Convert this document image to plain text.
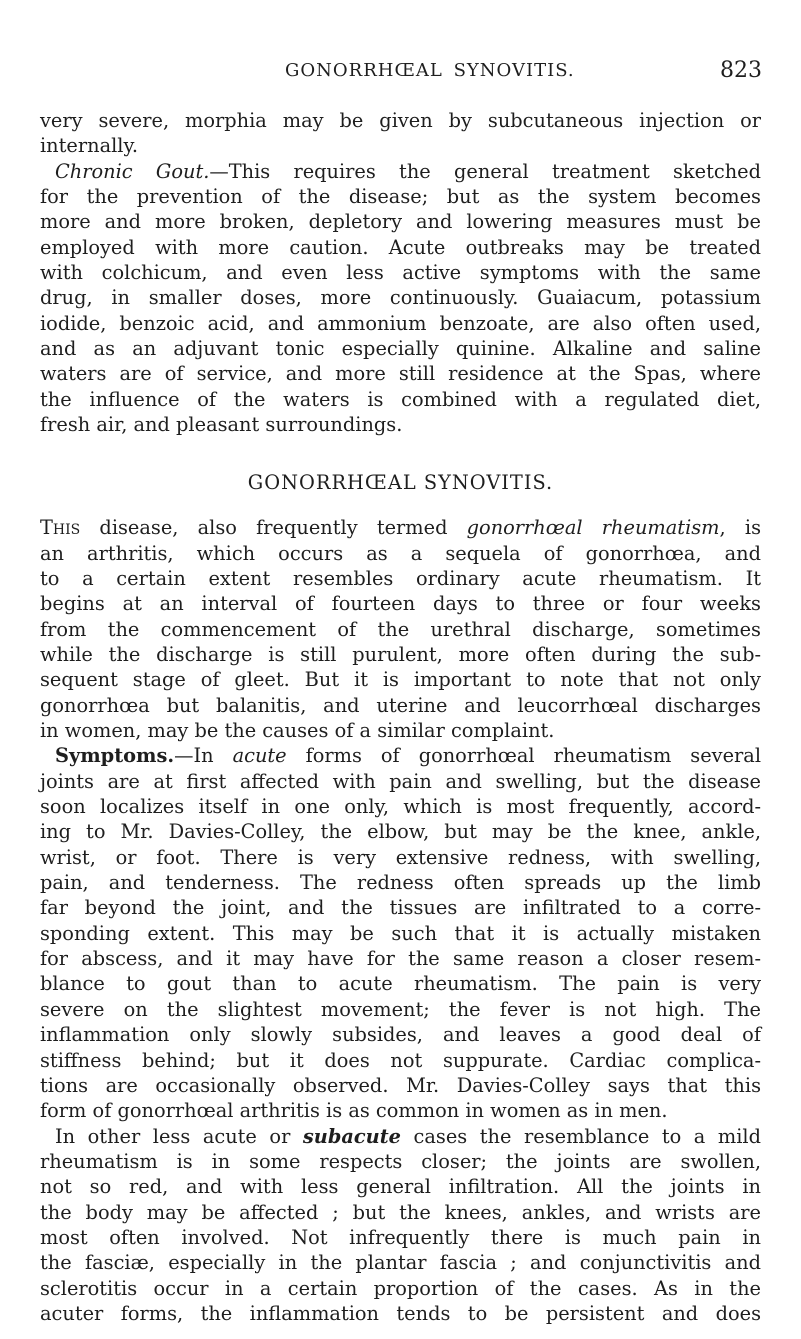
GONORRHŒAL SYNOVITIS.	823
very severe, morphia may be given by subcutaneous injection or
internally.
Chronic Gout.—This requires the general treatment sketched
for the prevention of the disease; but as the system becomes
more and more broken, depletory and lowering measures must be
employed with more caution. Acute outbreaks may be treated
with colchicum, and even less active symptoms with the same
drug, in smaller doses, more continuously. Guaiacum, potassium
iodide, benzoic acid, and ammonium benzoate, are also often used,
and as an adjuvant tonic especially quinine. Alkaline and saline
waters are of service, and more still residence at the Spas, where
the influence of the waters is combined with a regulated diet,
fresh air, and pleasant surroundings.
GONORRHŒAL SYNOVITIS.
This disease, also frequently termed gonorrhœal rheumatism, is
an arthritis, which occurs as a sequela of gonorrhœa, and
to a certain extent resembles ordinary acute rheumatism. It
begins at an interval of fourteen days to three or four weeks
from the commencement of the urethral discharge, sometimes
while the discharge is still purulent, more often during the sub-
sequent stage of gleet. But it is important to note that not only
gonorrhœa but balanitis, and uterine and leucorrhœal discharges
in women, may be the causes of a similar complaint.
Symptoms.—In acute forms of gonorrhœal rheumatism several
joints are at first affected with pain and swelling, but the disease
soon localizes itself in one only, which is most frequently, accord-
ing to Mr. Davies-Colley, the elbow, but may be the knee, ankle,
wrist, or foot. There is very extensive redness, with swelling,
pain, and tenderness. The redness often spreads up the limb
far beyond the joint, and the tissues are infiltrated to a corre-
sponding extent. This may be such that it is actually mistaken
for abscess, and it may have for the same reason a closer resem-
blance to gout than to acute rheumatism. The pain is very
severe on the slightest movement; the fever is not high. The
inflammation only slowly subsides, and leaves a good deal of
stiffness behind; but it does not suppurate. Cardiac complica-
tions are occasionally observed. Mr. Davies-Colley says that this
form of gonorrhœal arthritis is as common in women as in men.
In other less acute or subacute cases the resemblance to a mild
rheumatism is in some respects closer; the joints are swollen,
not so red, and with less general infiltration. All the joints in
the body may be affected ; but the knees, ankles, and wrists are
most often involved. Not infrequently there is much pain in
the fasciæ, especially in the plantar fascia ; and conjunctivitis and
sclerotitis occur in a certain proportion of the cases. As in the
acuter forms, the inflammation tends to be persistent and does
